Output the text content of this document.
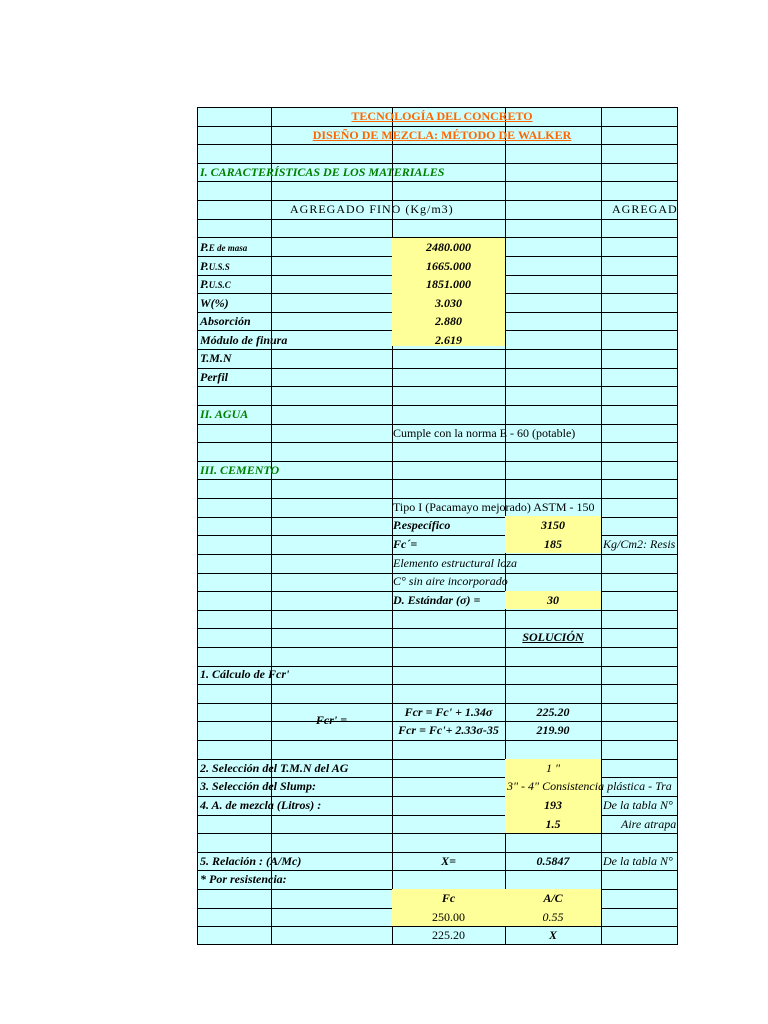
TECNOLOGÍA DEL CONCRETO
DISEÑO DE MEZCLA: MÉTODO DE WALKER
I. CARACTERÍSTICAS DE LOS MATERIALES
AGREGADO FINO (Kg/m3)	AGREGAD
P.E de masa	2480.000
P.U.S.S	1665.000
P.U.S.C	1851.000
W(%)	3.030
Absorción	2.880
Módulo de finura	2.619
T.M.N
Perfil
II. AGUA
Cumple con la norma E - 60 (potable)
III. CEMENTO
Tipo I (Pacamayo mejorado) ASTM - 150
P.específico	3150
Fc´=	185	Kg/Cm2: Resis
Elemento estructural loza
C° sin aire incorporado
D. Estándar (σ) =	30
SOLUCIÓN
1. Cálculo de Fcr'
Fcr' =
Fcr = Fc' + 1.34σ	225.20
Fcr = Fc'+ 2.33σ-35	219.90
2. Selección del T.M.N del AG	1 "
3. Selección del Slump:	3" - 4" Consistencia plástica - Tra
4. A. de mezcla (Litros) :	193	De la tabla N°
1.5	Aire atrapa
5. Relación : (A/Mc)	X=	0.5847	De la tabla N°
* Por resistencia:
Fc	A/C
250.00	0.55
225.20	X
